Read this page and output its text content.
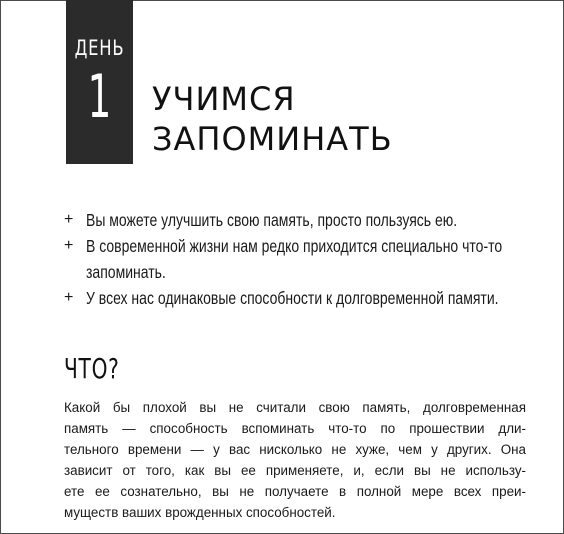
ДЕНЬ
1 УЧИМСЯ
ЗАПОМИНАТЬ
+ Вы можете улучшить свою память, просто пользуясь ею.
+ В современной жизни нам редко приходится специально что-то запоминать.
+ У всех нас одинаковые способности к долговременной памяти.
ЧТО?
Какой бы плохой вы не считали свою память, долговременная
память — способность вспоминать что-то по прошествии дли-
тельного времени — у вас нисколько не хуже, чем у других. Она
зависит от того, как вы ее применяете, и, если вы не использу-
ете ее сознательно, вы не получаете в полной мере всех преи-
муществ ваших врожденных способностей.
